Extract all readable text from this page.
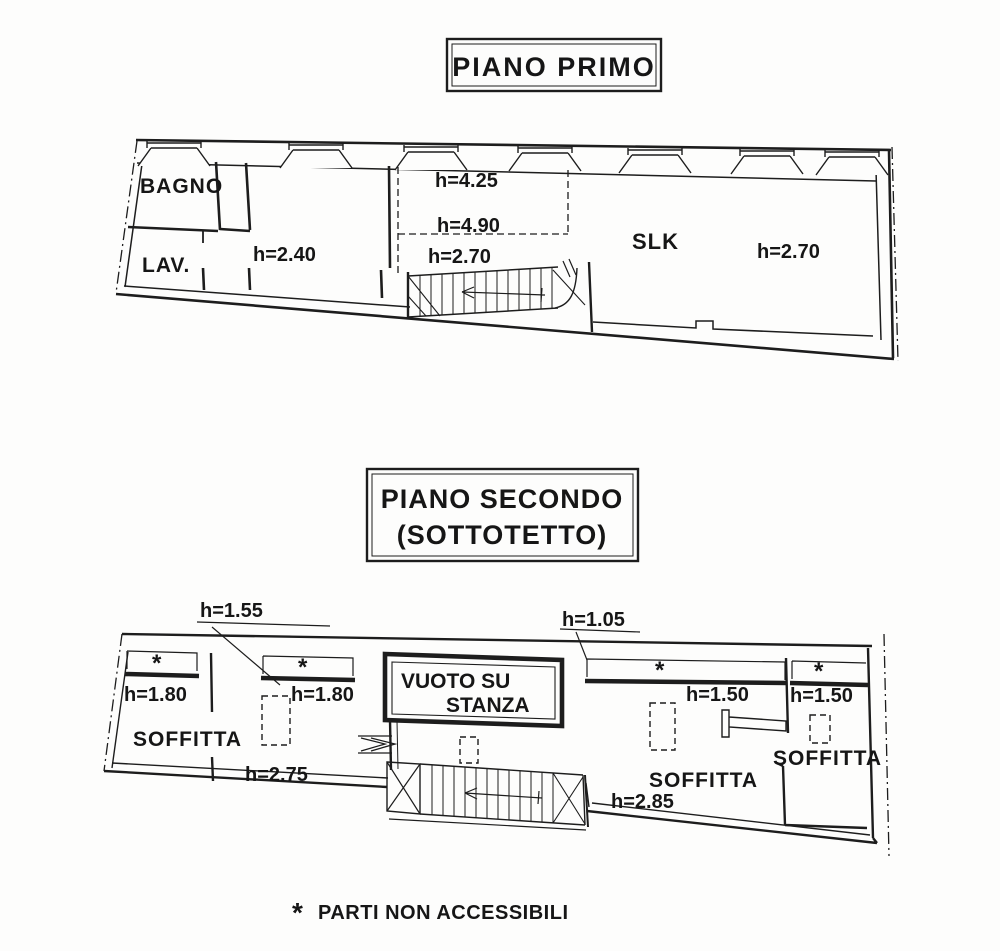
PIANO PRIMO
BAGNO
LAV.	h=2.40
h=4.25
h=4.90
h=2.70
SLK	h=2.70
PIANO SECONDO
(SOTTOTETTO)
*	*	*	*
VUOTO SU
STANZA
h=1.55	h=1.05
h=1.80	h=1.80	h=1.50 h=1.50
SOFFITTA
h=2.75	SOFFITTA
h=2.85
SOFFITTA
* PARTI NON ACCESSIBILI
